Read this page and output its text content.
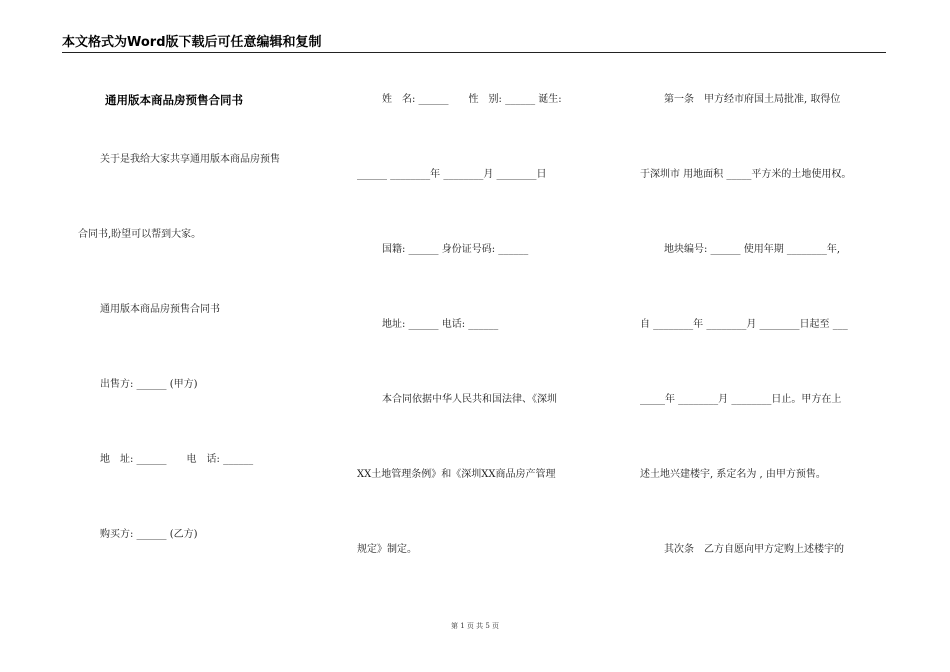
本文格式为Word版下载后可任意编辑和复制
通用版本商品房预售合同书
关于是我给大家共享通用版本商品房预售
合同书,盼望可以帮到大家。
通用版本商品房预售合同书
出售方: ______ (甲方)
地　址: ______　　电　话: ______
购买方: ______ (乙方)
姓　名: ______　　性　别: ______ 诞生:
______ ________年 ________月 ________日
国籍: ______ 身份证号码: ______
地址: ______ 电话: ______
本合同依据中华人民共和国法律、《深圳
XX土地管理条例》和《深圳XX商品房产管理
规定》制定。
第一条　甲方经市府国土局批准, 取得位
于深圳市 用地面积 _____平方米的土地使用权。
地块编号: ______ 使用年期 ________年,
自 ________年 ________月 ________日起至 ___
_____年 ________月 ________日止。甲方在上
述土地兴建楼宇, 系定名为 , 由甲方预售。
其次条　乙方自愿向甲方定购上述楼宇的
第 1 页 共 5 页
